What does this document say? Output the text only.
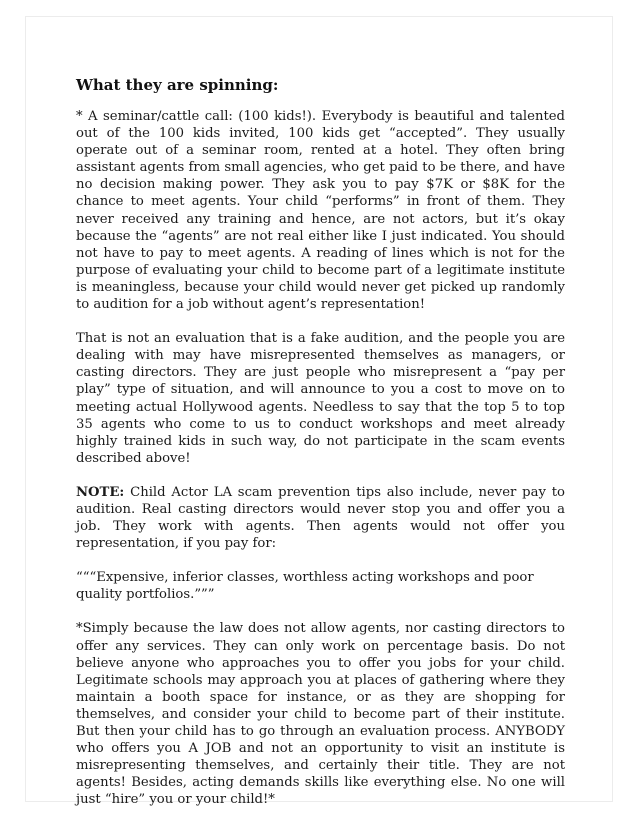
What they are spinning:

* A seminar/cattle call: (100 kids!). Everybody is beautiful and talented out of the 100 kids invited, 100 kids get “accepted”. They usually operate out of a seminar room, rented at a hotel. They often bring assistant agents from small agencies, who get paid to be there, and have no decision making power. They ask you to pay $7K or $8K for the chance to meet agents. Your child “performs” in front of them. They never received any training and hence, are not actors, but it’s okay because the “agents” are not real either like I just indicated. You should not have to pay to meet agents. A reading of lines which is not for the purpose of evaluating your child to become part of a legitimate institute is meaningless, because your child would never get picked up randomly to audition for a job without agent’s representation!

That is not an evaluation that is a fake audition, and the people you are dealing with may have misrepresented themselves as managers, or casting directors. They are just people who misrepresent a “pay per play” type of situation, and will announce to you a cost to move on to meeting actual Hollywood agents. Needless to say that the top 5 to top 35 agents who come to us to conduct workshops and meet already highly trained kids in such way, do not participate in the scam events described above!

NOTE: Child Actor LA scam prevention tips also include, never pay to audition. Real casting directors would never stop you and offer you a job. They work with agents. Then agents would not offer you representation, if you pay for:

“““Expensive, inferior classes, worthless acting workshops and poor quality portfolios.”””

*Simply because the law does not allow agents, nor casting directors to offer any services. They can only work on percentage basis. Do not believe anyone who approaches you to offer you jobs for your child. Legitimate schools may approach you at places of gathering where they maintain a booth space for instance, or as they are shopping for themselves, and consider your child to become part of their institute. But then your child has to go through an evaluation process. ANYBODY who offers you A JOB and not an opportunity to visit an institute is misrepresenting themselves, and certainly their title. They are not agents! Besides, acting demands skills like everything else. No one will just “hire” you or your child!*
